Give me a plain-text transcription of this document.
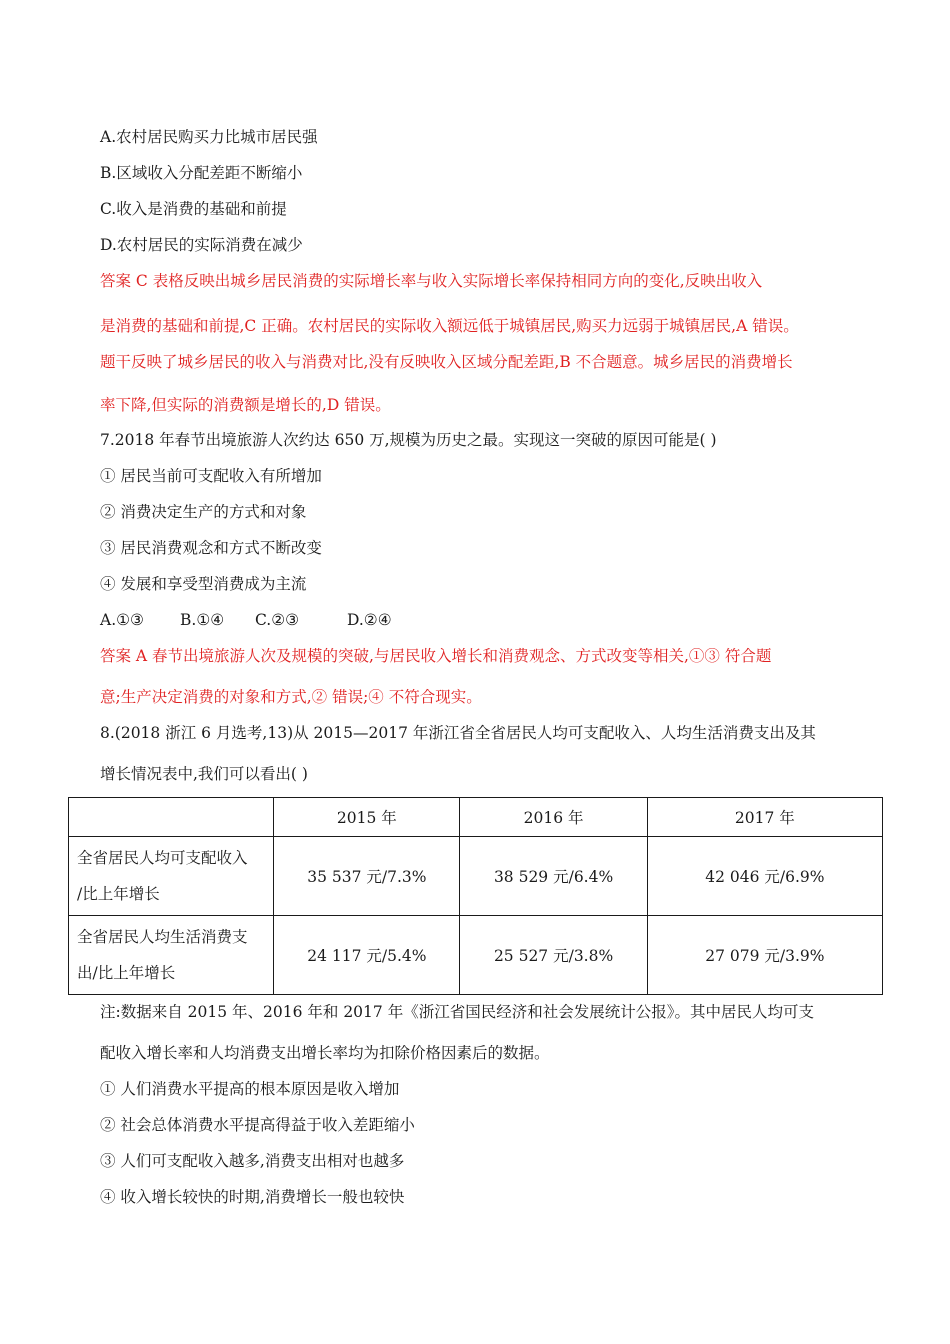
A.农村居民购买力比城市居民强
B.区域收入分配差距不断缩小
C.收入是消费的基础和前提
D.农村居民的实际消费在减少
答案 C 表格反映出城乡居民消费的实际增长率与收入实际增长率保持相同方向的变化,反映出收入
是消费的基础和前提,C 正确。农村居民的实际收入额远低于城镇居民,购买力远弱于城镇居民,A 错误。
题干反映了城乡居民的收入与消费对比,没有反映收入区域分配差距,B 不合题意。城乡居民的消费增长
率下降,但实际的消费额是增长的,D 错误。
7.2018 年春节出境旅游人次约达 650 万,规模为历史之最。实现这一突破的原因可能是( )
① 居民当前可支配收入有所增加
② 消费决定生产的方式和对象
③ 居民消费观念和方式不断改变
④ 发展和享受型消费成为主流
A.①③ B.①④ C.②③	D.②④
答案 A 春节出境旅游人次及规模的突破,与居民收入增长和消费观念、方式改变等相关,①③ 符合题
意;生产决定消费的对象和方式,② 错误;④ 不符合现实。
8.(2018 浙江 6 月选考,13)从 2015—2017 年浙江省全省居民人均可支配收入、人均生活消费支出及其
增长情况表中,我们可以看出( )
	2015 年	2016 年	2017 年

全省居民人均可支配收入
/比上年增长	35 537 元/7.3%	38 529 元/6.4%	42 046 元/6.9%

全省居民人均生活消费支
出/比上年增长	24 117 元/5.4%	25 527 元/3.8%	27 079 元/3.9%
注:数据来自 2015 年、2016 年和 2017 年《浙江省国民经济和社会发展统计公报》。其中居民人均可支
配收入增长率和人均消费支出增长率均为扣除价格因素后的数据。
① 人们消费水平提高的根本原因是收入增加
② 社会总体消费水平提高得益于收入差距缩小
③ 人们可支配收入越多,消费支出相对也越多
④ 收入增长较快的时期,消费增长一般也较快
